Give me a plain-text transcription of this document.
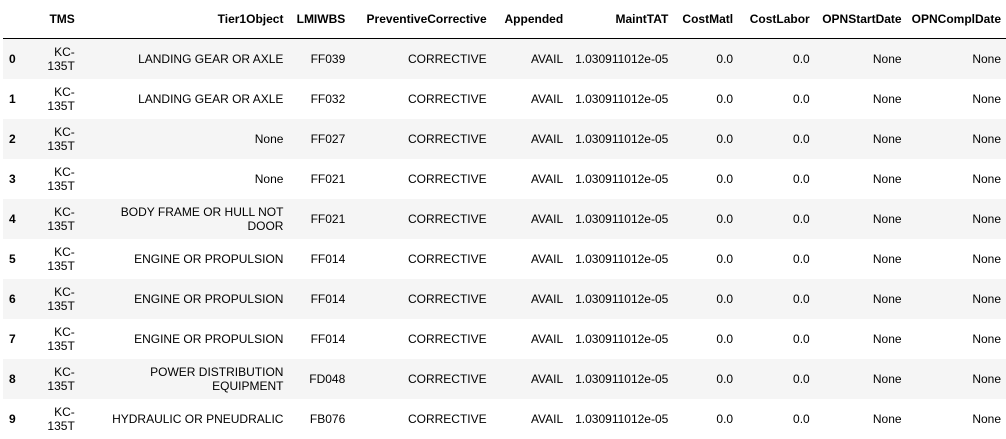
	TMS	Tier1Object	LMIWBS	PreventiveCorrective	Appended	MaintTAT	CostMatl	CostLabor	OPNStartDate	OPNComplDate
0	KC-135T	LANDING GEAR OR AXLE	FF039	CORRECTIVE	AVAIL	1.030911012e-05	0.0	0.0	None	None
1	KC-135T	LANDING GEAR OR AXLE	FF032	CORRECTIVE	AVAIL	1.030911012e-05	0.0	0.0	None	None
2	KC-135T	None	FF027	CORRECTIVE	AVAIL	1.030911012e-05	0.0	0.0	None	None
3	KC-135T	None	FF021	CORRECTIVE	AVAIL	1.030911012e-05	0.0	0.0	None	None
4	KC-135T	BODY FRAME OR HULL NOT DOOR	FF021	CORRECTIVE	AVAIL	1.030911012e-05	0.0	0.0	None	None
5	KC-135T	ENGINE OR PROPULSION	FF014	CORRECTIVE	AVAIL	1.030911012e-05	0.0	0.0	None	None
6	KC-135T	ENGINE OR PROPULSION	FF014	CORRECTIVE	AVAIL	1.030911012e-05	0.0	0.0	None	None
7	KC-135T	ENGINE OR PROPULSION	FF014	CORRECTIVE	AVAIL	1.030911012e-05	0.0	0.0	None	None
8	KC-135T	POWER DISTRIBUTION EQUIPMENT	FD048	CORRECTIVE	AVAIL	1.030911012e-05	0.0	0.0	None	None
9	KC-135T	HYDRAULIC OR PNEUDRALIC	FB076	CORRECTIVE	AVAIL	1.030911012e-05	0.0	0.0	None	None
